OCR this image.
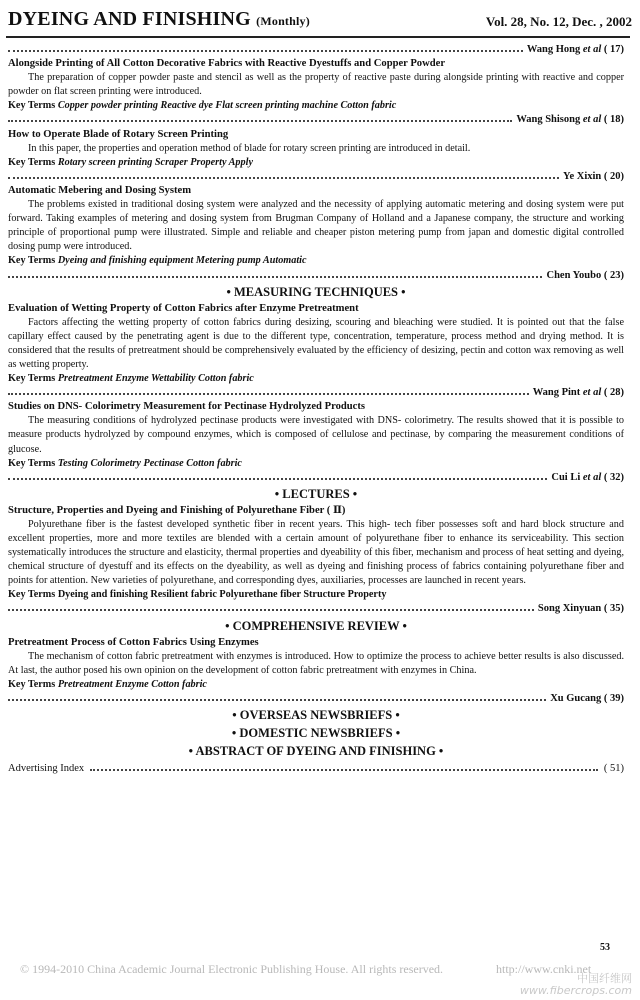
DYEING AND FINISHING (Monthly)	Vol. 28, No. 12, Dec. , 2002
Wang Hong et al ( 17)
Alongside Printing of All Cotton Decorative Fabrics with Reactive Dyestuffs and Copper Powder
The preparation of copper powder paste and stencil as well as the property of reactive paste during alongside printing with reactive and copper powder on flat screen printing were introduced.
Key Terms Copper powder printing Reactive dye Flat screen printing machine Cotton fabric
Wang Shisong et al ( 18)
How to Operate Blade of Rotary Screen Printing
In this paper, the properties and operation method of blade for rotary screen printing are introduced in detail.
Key Terms Rotary screen printing Scraper Property Apply
Ye Xixin ( 20)
Automatic Mebering and Dosing System
The problems existed in traditional dosing system were analyzed and the necessity of applying automatic metering and dosing system were put forward. Taking examples of metering and dosing system from Brugman Company of Holland and a Japanese company, the structure and working principle of proportional pump were illustrated. Simple and reliable and cheaper piston metering pump from japan and domestic digital controlled dosing pump were introduced.
Key Terms Dyeing and finishing equipment Metering pump Automatic
Chen Youbo ( 23)
• MEASURING TECHNIQUES •
Evaluation of Wetting Property of Cotton Fabrics after Enzyme Pretreatment
Factors affecting the wetting property of cotton fabrics during desizing, scouring and bleaching were studied. It is pointed out that the false capillary effect caused by the penetrating agent is due to the different type, concentration, temperature, process method and drying method. It is considered that the results of pretreatment should be comprehensively evaluated by the efficiency of desizing, pectin and cotton wax removing as well as wetting property.
Key Terms Pretreatment Enzyme Wettability Cotton fabric
Wang Pint et al ( 28)
Studies on DNS- Colorimetry Measurement for Pectinase Hydrolyzed Products
The measuring conditions of hydrolyzed pectinase products were investigated with DNS- colorimetry. The results showed that it is possible to measure products hydrolyzed by compound enzymes, which is composed of cellulose and pectinase, by comparing the measurement conditions of glucose.
Key Terms Testing Colorimetry Pectinase Cotton fabric
Cui Li et al ( 32)
• LECTURES •
Structure, Properties and Dyeing and Finishing of Polyurethane Fiber ( Ⅱ)
Polyurethane fiber is the fastest developed synthetic fiber in recent years. This high- tech fiber possesses soft and hard block structure and excellent properties, more and more textiles are blended with a certain amount of polyurethane fiber to enhance its serviceability. This section systematically introduces the structure and elasticity, thermal properties and dyeability of this fiber, mechanism and process of heat setting and dyeing, chemical structure of dyestuff and its effects on the dyeability, as well as dyeing and finishing process of fabrics containing polyurethane fiber and points for attention. New varieties of polyurethane, and corresponding dyes, auxiliaries, processes are launched in recent years.
Key Terms Dyeing and finishing Resilient fabric Polyurethane fiber Structure Property
Song Xinyuan ( 35)
• COMPREHENSIVE REVIEW •
Pretreatment Process of Cotton Fabrics Using Enzymes
The mechanism of cotton fabric pretreatment with enzymes is introduced. How to optimize the process to achieve better results is also discussed. At last, the author posed his own opinion on the development of cotton fabric pretreatment with enzymes in China.
Key Terms Pretreatment Enzyme Cotton fabric
Xu Gucang ( 39)
• OVERSEAS NEWSBRIEFS •
• DOMESTIC NEWSBRIEFS •
• ABSTRACT OF DYEING AND FINISHING •
Advertising Index	( 51)
53
© 1994-2010 China Academic Journal Electronic Publishing House. All rights reserved.	http://www.cnki.net
中国纤维网
www.fibercrops.com
